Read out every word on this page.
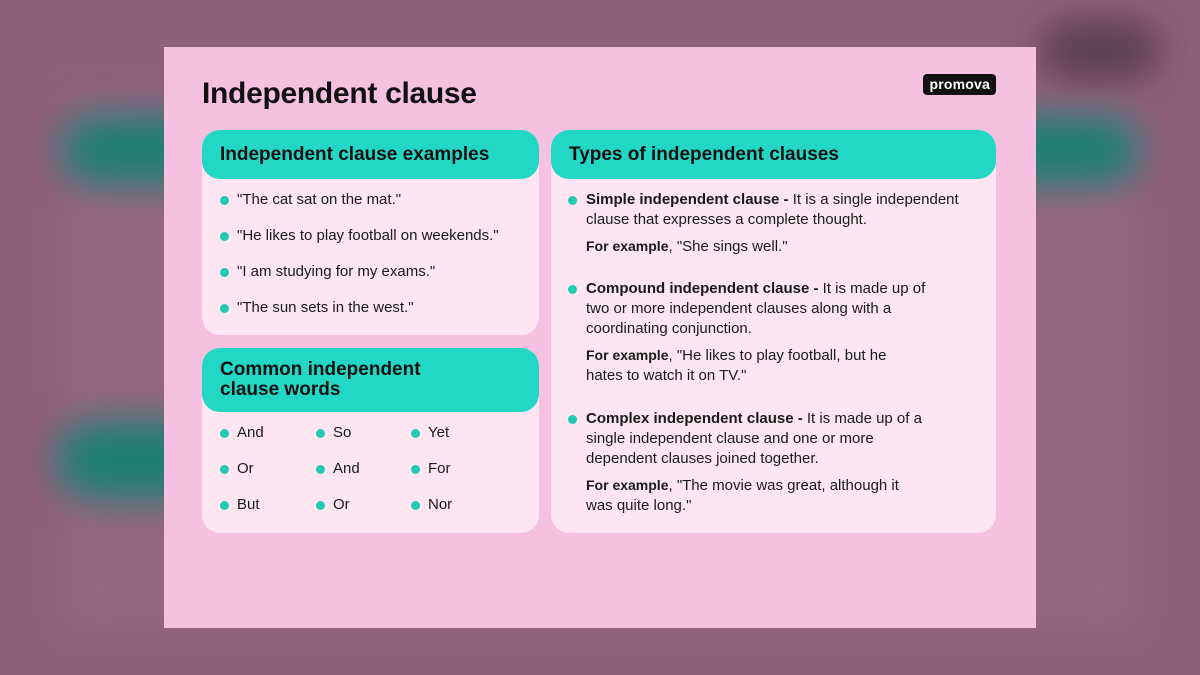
Independent clause	promova
Independent clause examples
"The cat sat on the mat."
"He likes to play football on weekends."
"I am studying for my exams."
"The sun sets in the west."
Common independent
clause words
And
Or
But
So
And
Or
Yet
For
Nor
Types of independent clauses
Simple independent clause - It is a single independent clause that expresses a complete thought.
For example, "She sings well."
Compound independent clause - It is made up of two or more independent clauses along with a coordinating conjunction.
For example, "He likes to play football, but he hates to watch it on TV."
Complex independent clause - It is made up of a single independent clause and one or more dependent clauses joined together.
For example, "The movie was great, although it was quite long."
